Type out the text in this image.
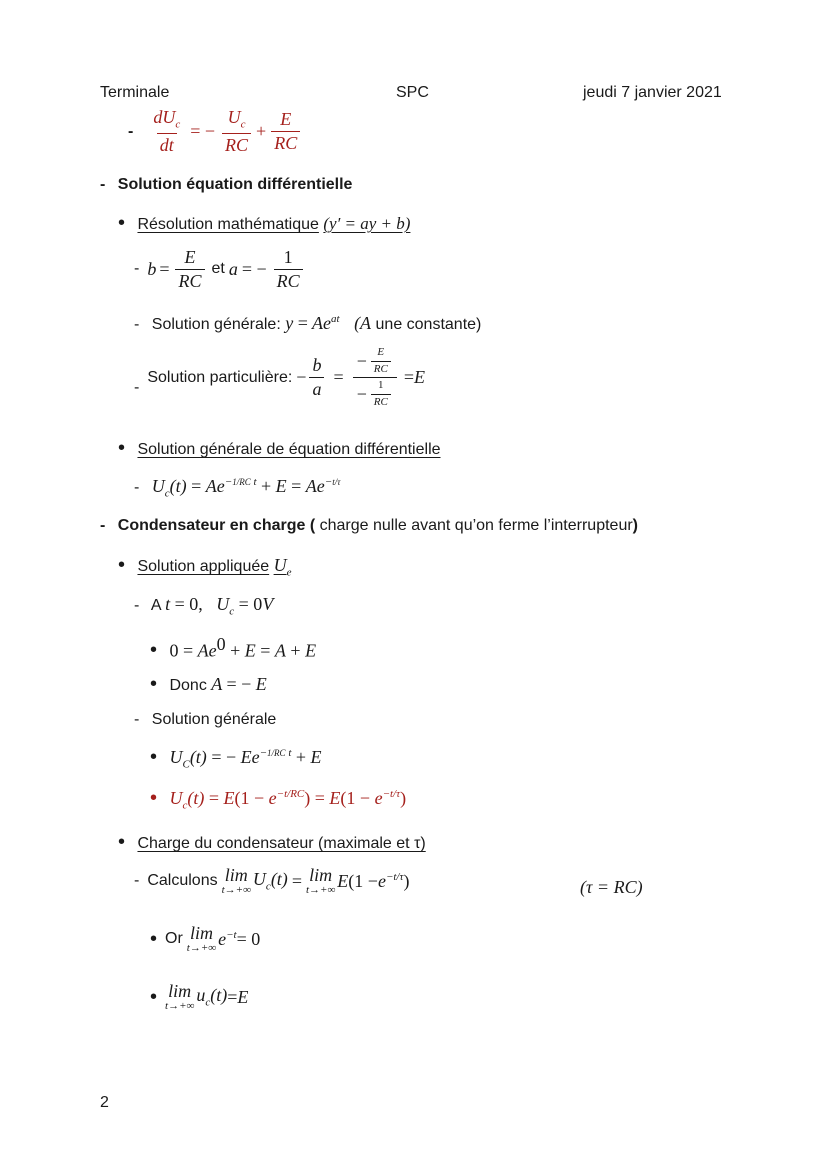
Terminale	SPC	jeudi 7 janvier 2021
- $\frac{dU_c}{dt}$ = − $\frac{U_c}{RC} + \frac{E}{RC}$
- Solution équation différentielle
• Résolution mathématique (y′ = ay + b)
- $b = \frac{E}{RC}$ et a = − $\frac{1}{RC}$
- Solution générale: $y = Ae^{at}$ (A une constante)
-
Solution particulière: − $\frac{b}{a} = \frac{- \frac{E}{RC}}{- \frac{1}{RC}} = E$
• Solution générale de équation différentielle
- $U_c(t) = Ae^{-1/RC t} + E = Ae^{-t/\tau}$
- Condensateur en charge ( charge nulle avant qu’on ferme l’interrupteur)
• Solution appliquée $U_e$
- A t = 0,   $U_c = 0V$
• $0 = Ae^0 + E = A + E$
• Donc A = − E
- Solution générale
• $U_C(t)$ = − $Ee^{-1/RC t} + E$
• $U_c(t) = E(1 - e^{-t/RC}) = E(1 - e^{-t/\tau})$
• Charge du condensateur (maximale et τ)
- Calculons lim
t→+∞
$U_c(t) = \lim$
t→+∞ E ($1 - e^{-t/\tau}$ )	(τ = RC)
• Or lim
t→+∞ $e^{-t} = 0$
• lim
t→+∞
$u_c(t) = E$
2
